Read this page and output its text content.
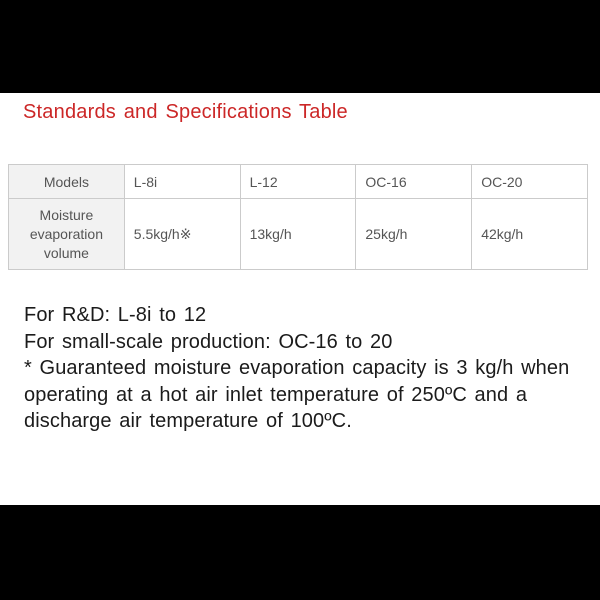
Standards and Specifications Table
Models	L-8i	L-12	OC-16	OC-20

Moisture
evaporation
volume	5.5kg/h※	13kg/h	25kg/h	42kg/h
For R&D: L-8i to 12
For small-scale production: OC-16 to 20
* Guaranteed moisture evaporation capacity is 3 kg/h when
operating at a hot air inlet temperature of 250ºC and a
discharge air temperature of 100ºC.
